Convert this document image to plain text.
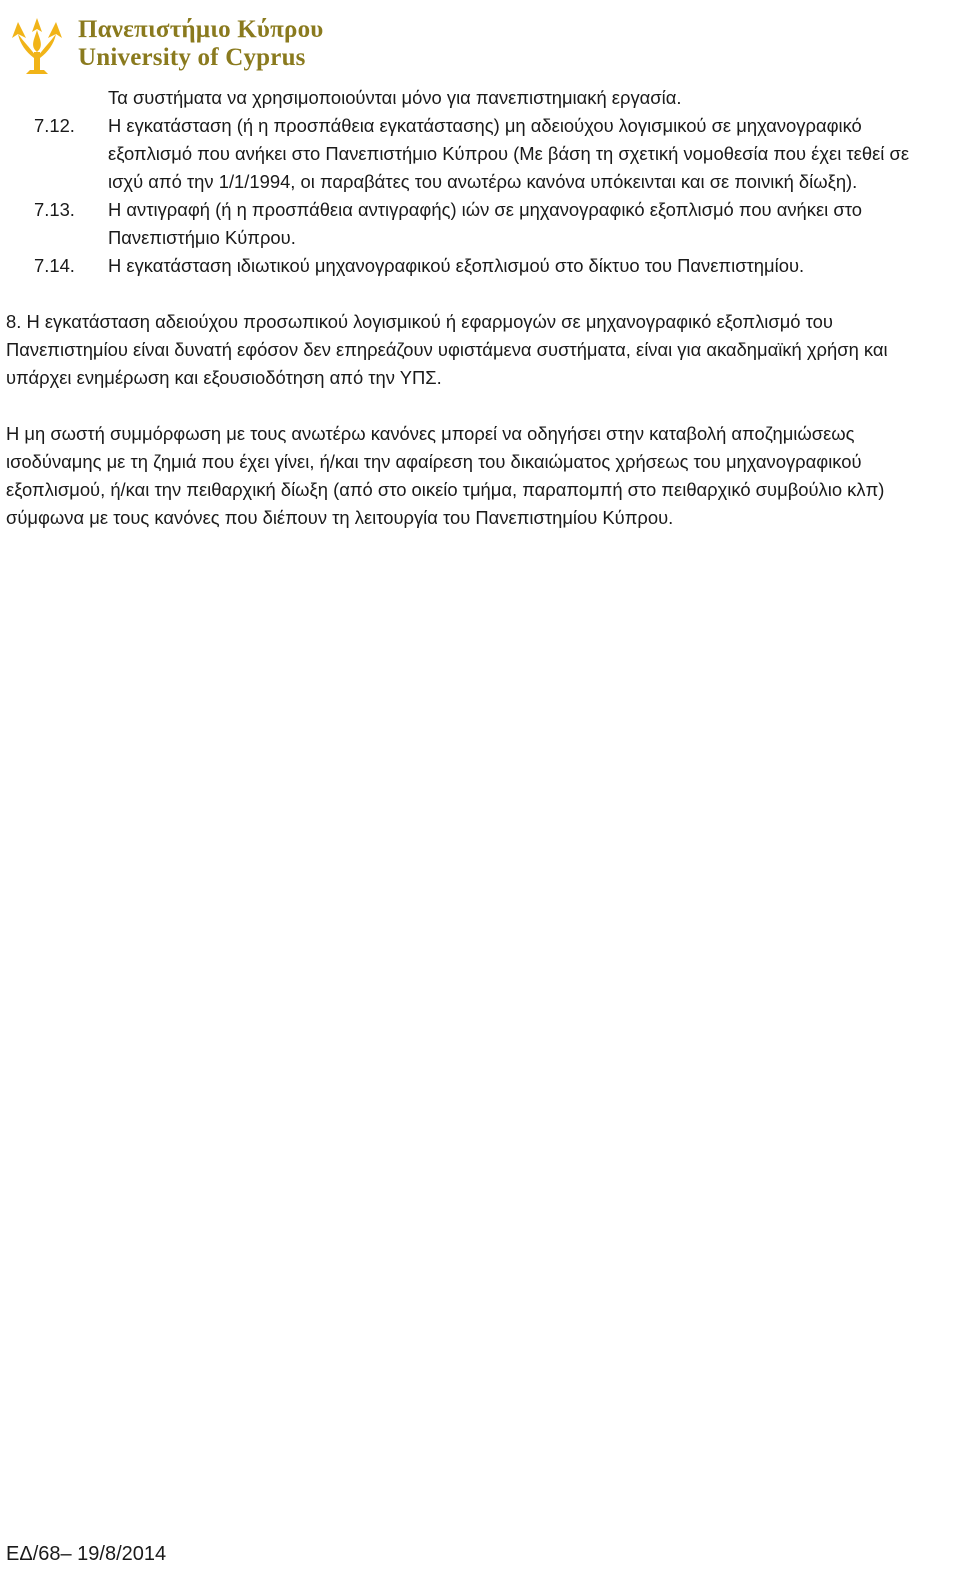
Πανεπιστήμιο Κύπρου
University of Cyprus
Τα συστήματα να χρησιμοποιούνται μόνο για πανεπιστημιακή εργασία.
7.12.	Η εγκατάσταση (ή η προσπάθεια εγκατάστασης) μη αδειούχου λογισμικού σε μηχανογραφικό εξοπλισμό που ανήκει στο Πανεπιστήμιο Κύπρου (Με βάση τη σχετική νομοθεσία που έχει τεθεί σε ισχύ από την 1/1/1994, οι παραβάτες του ανωτέρω κανόνα υπόκεινται και σε ποινική δίωξη).
7.13.	Η αντιγραφή (ή η προσπάθεια αντιγραφής) ιών σε μηχανογραφικό εξοπλισμό που ανήκει στο Πανεπιστήμιο Κύπρου.
7.14.	Η εγκατάσταση ιδιωτικού μηχανογραφικού εξοπλισμού στο δίκτυο του Πανεπιστημίου.
8. Η εγκατάσταση αδειούχου προσωπικού λογισμικού ή εφαρμογών σε μηχανογραφικό εξοπλισμό του Πανεπιστημίου είναι δυνατή εφόσον δεν επηρεάζουν υφιστάμενα συστήματα, είναι για ακαδημαϊκή χρήση και υπάρχει ενημέρωση και εξουσιοδότηση από την ΥΠΣ.
Η μη σωστή συμμόρφωση με τους ανωτέρω κανόνες μπορεί να οδηγήσει στην καταβολή αποζημιώσεως ισοδύναμης με τη ζημιά που έχει γίνει, ή/και την αφαίρεση του δικαιώματος χρήσεως του μηχανογραφικού εξοπλισμού, ή/και την πειθαρχική δίωξη (από στο οικείο τμήμα, παραπομπή στο πειθαρχικό συμβούλιο κλπ) σύμφωνα με τους κανόνες που διέπουν τη λειτουργία του Πανεπιστημίου Κύπρου.
ΕΔ/68– 19/8/2014
